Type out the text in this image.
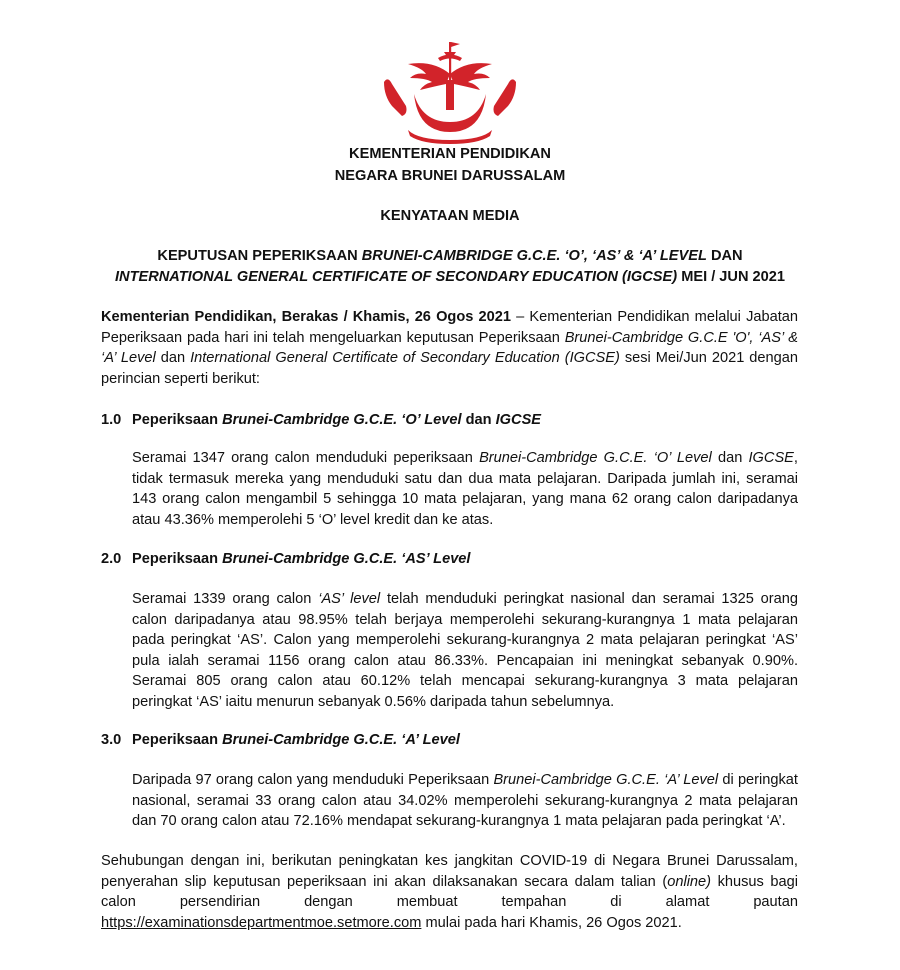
KEMENTERIAN PENDIDIKAN
NEGARA BRUNEI DARUSSALAM
KENYATAAN MEDIA
KEPUTUSAN PEPERIKSAAN BRUNEI-CAMBRIDGE G.C.E. ‘O’, ‘AS’ & ‘A’ LEVEL DAN
INTERNATIONAL GENERAL CERTIFICATE OF SECONDARY EDUCATION (IGCSE) MEI / JUN 2021
Kementerian Pendidikan, Berakas / Khamis, 26 Ogos 2021 – Kementerian Pendidikan melalui Jabatan Peperiksaan pada hari ini telah mengeluarkan keputusan Peperiksaan Brunei-Cambridge G.C.E 'O', ‘AS’ & ‘A’ Level dan International General Certificate of Secondary Education (IGCSE) sesi Mei/Jun 2021 dengan perincian seperti berikut:
1.0 Peperiksaan Brunei-Cambridge G.C.E. ‘O’ Level dan IGCSE
Seramai 1347 orang calon menduduki peperiksaan Brunei-Cambridge G.C.E. ‘O’ Level dan IGCSE, tidak termasuk mereka yang menduduki satu dan dua mata pelajaran. Daripada jumlah ini, seramai 143 orang calon mengambil 5 sehingga 10 mata pelajaran, yang mana 62 orang calon daripadanya atau 43.36% memperolehi 5 ‘O’ level kredit dan ke atas.
2.0 Peperiksaan Brunei-Cambridge G.C.E. ‘AS’ Level
Seramai 1339 orang calon ‘AS’ level telah menduduki peringkat nasional dan seramai 1325 orang calon daripadanya atau 98.95% telah berjaya memperolehi sekurang-kurangnya 1 mata pelajaran pada peringkat ‘AS’. Calon yang memperolehi sekurang-kurangnya 2 mata pelajaran peringkat ‘AS’ pula ialah seramai 1156 orang calon atau 86.33%. Pencapaian ini meningkat sebanyak 0.90%. Seramai 805 orang calon atau 60.12% telah mencapai sekurang-kurangnya 3 mata pelajaran peringkat ‘AS’ iaitu menurun sebanyak 0.56% daripada tahun sebelumnya.
3.0 Peperiksaan Brunei-Cambridge G.C.E. ‘A’ Level
Daripada 97 orang calon yang menduduki Peperiksaan Brunei-Cambridge G.C.E. ‘A’ Level di peringkat nasional, seramai 33 orang calon atau 34.02% memperolehi sekurang-kurangnya 2 mata pelajaran dan 70 orang calon atau 72.16% mendapat sekurang-kurangnya 1 mata pelajaran pada peringkat ‘A’.
Sehubungan dengan ini, berikutan peningkatan kes jangkitan COVID-19 di Negara Brunei Darussalam,
penyerahan slip keputusan peperiksaan ini akan dilaksanakan secara dalam talian (online) khusus bagi
calon	persendirian	dengan	membuat	tempahan	di	alamat	pautan
https://examinationsdepartmentmoe.setmore.com mulai pada hari Khamis, 26 Ogos 2021.
